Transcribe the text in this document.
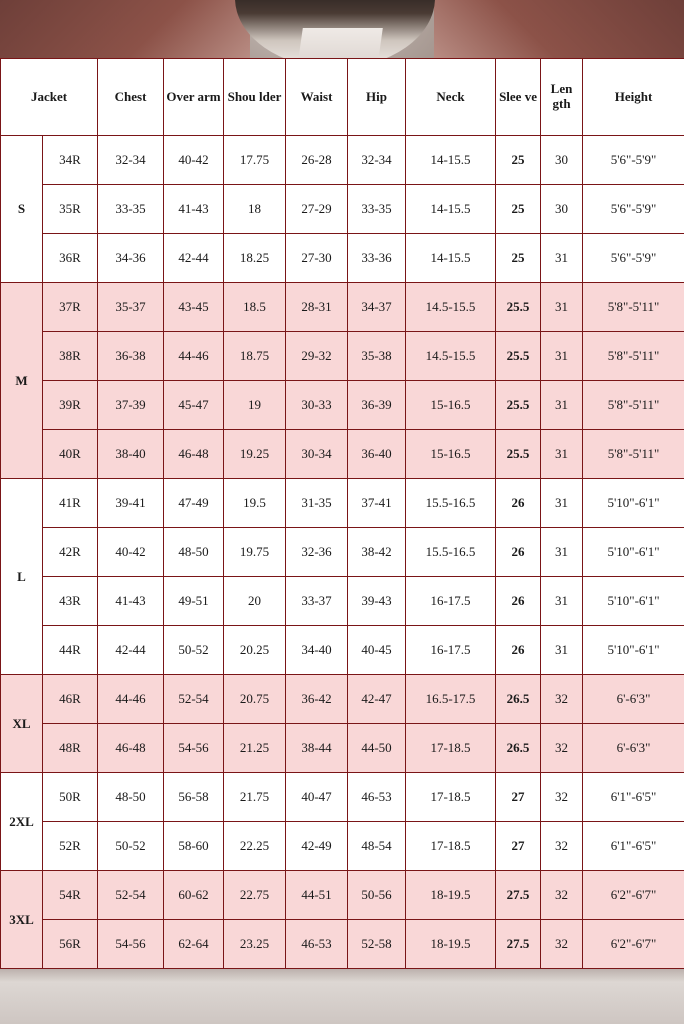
Jacket		Chest	Over arm	Shou lder	Waist	Hip	Neck	Slee ve	Len gth	Height
S	34R	32-34	40-42	17.75	26-28	32-34	14-15.5	25	30	5'6"-5'9"
	35R	33-35	41-43	18	27-29	33-35	14-15.5	25	30	5'6"-5'9"
	36R	34-36	42-44	18.25	27-30	33-36	14-15.5	25	31	5'6"-5'9"
M	37R	35-37	43-45	18.5	28-31	34-37	14.5-15.5	25.5	31	5'8"-5'11"
	38R	36-38	44-46	18.75	29-32	35-38	14.5-15.5	25.5	31	5'8"-5'11"
	39R	37-39	45-47	19	30-33	36-39	15-16.5	25.5	31	5'8"-5'11"
	40R	38-40	46-48	19.25	30-34	36-40	15-16.5	25.5	31	5'8"-5'11"
L	41R	39-41	47-49	19.5	31-35	37-41	15.5-16.5	26	31	5'10"-6'1"
	42R	40-42	48-50	19.75	32-36	38-42	15.5-16.5	26	31	5'10"-6'1"
	43R	41-43	49-51	20	33-37	39-43	16-17.5	26	31	5'10"-6'1"
	44R	42-44	50-52	20.25	34-40	40-45	16-17.5	26	31	5'10"-6'1"
XL	46R	44-46	52-54	20.75	36-42	42-47	16.5-17.5	26.5	32	6'-6'3"
	48R	46-48	54-56	21.25	38-44	44-50	17-18.5	26.5	32	6'-6'3"
2XL	50R	48-50	56-58	21.75	40-47	46-53	17-18.5	27	32	6'1"-6'5"
	52R	50-52	58-60	22.25	42-49	48-54	17-18.5	27	32	6'1"-6'5"
3XL	54R	52-54	60-62	22.75	44-51	50-56	18-19.5	27.5	32	6'2"-6'7"
	56R	54-56	62-64	23.25	46-53	52-58	18-19.5	27.5	32	6'2"-6'7"
